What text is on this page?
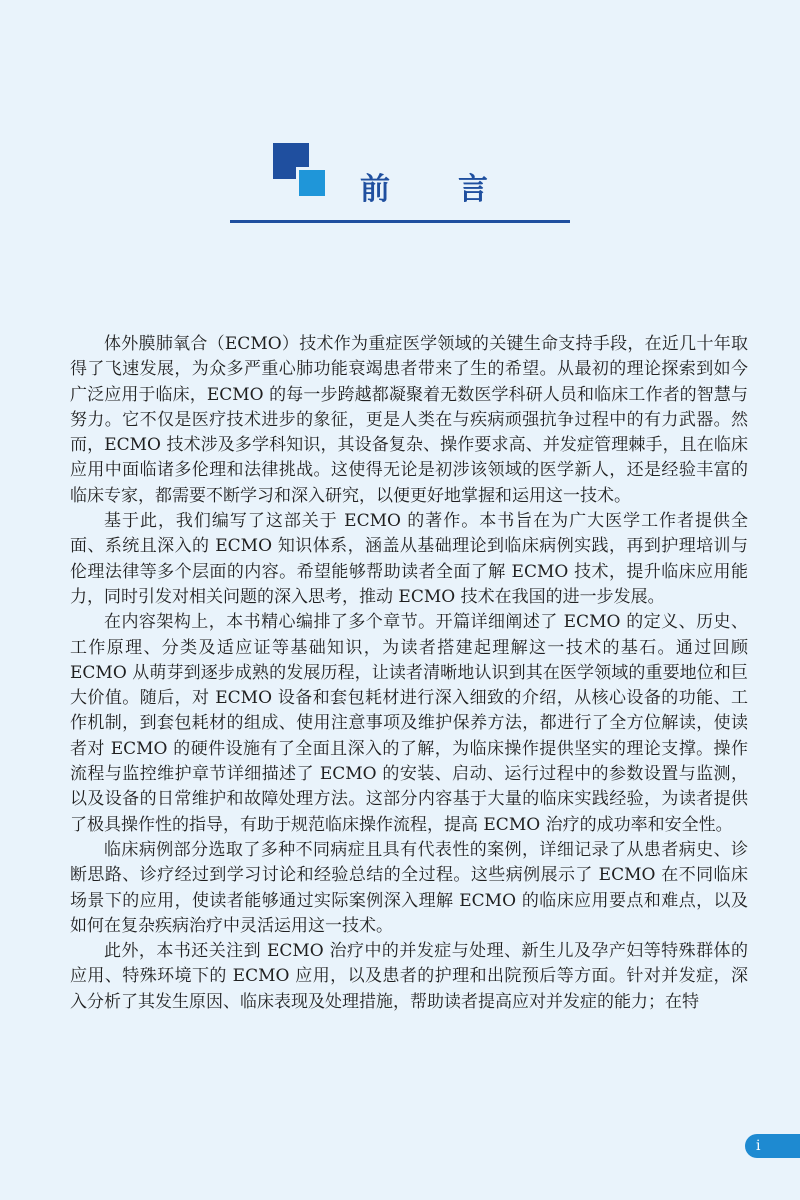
前言

体外膜肺氧合（ECMO）技术作为重症医学领域的关键生命支持手段，在近几十年取得了飞速发展，为众多严重心肺功能衰竭患者带来了生的希望。从最初的理论探索到如今广泛应用于临床，ECMO 的每一步跨越都凝聚着无数医学科研人员和临床工作者的智慧与努力。它不仅是医疗技术进步的象征，更是人类在与疾病顽强抗争过程中的有力武器。然而，ECMO 技术涉及多学科知识，其设备复杂、操作要求高、并发症管理棘手，且在临床应用中面临诸多伦理和法律挑战。这使得无论是初涉该领域的医学新人，还是经验丰富的临床专家，都需要不断学习和深入研究，以便更好地掌握和运用这一技术。

基于此，我们编写了这部关于 ECMO 的著作。本书旨在为广大医学工作者提供全面、系统且深入的 ECMO 知识体系，涵盖从基础理论到临床病例实践，再到护理培训与伦理法律等多个层面的内容。希望能够帮助读者全面了解 ECMO 技术，提升临床应用能力，同时引发对相关问题的深入思考，推动 ECMO 技术在我国的进一步发展。

在内容架构上，本书精心编排了多个章节。开篇详细阐述了 ECMO 的定义、历史、工作原理、分类及适应证等基础知识，为读者搭建起理解这一技术的基石。通过回顾 ECMO 从萌芽到逐步成熟的发展历程，让读者清晰地认识到其在医学领域的重要地位和巨大价值。随后，对 ECMO 设备和套包耗材进行深入细致的介绍，从核心设备的功能、工作机制，到套包耗材的组成、使用注意事项及维护保养方法，都进行了全方位解读，使读者对 ECMO 的硬件设施有了全面且深入的了解，为临床操作提供坚实的理论支撑。操作流程与监控维护章节详细描述了 ECMO 的安装、启动、运行过程中的参数设置与监测，以及设备的日常维护和故障处理方法。这部分内容基于大量的临床实践经验，为读者提供了极具操作性的指导，有助于规范临床操作流程，提高 ECMO 治疗的成功率和安全性。

临床病例部分选取了多种不同病症且具有代表性的案例，详细记录了从患者病史、诊断思路、诊疗经过到学习讨论和经验总结的全过程。这些病例展示了 ECMO 在不同临床场景下的应用，使读者能够通过实际案例深入理解 ECMO 的临床应用要点和难点，以及如何在复杂疾病治疗中灵活运用这一技术。

此外，本书还关注到 ECMO 治疗中的并发症与处理、新生儿及孕产妇等特殊群体的应用、特殊环境下的 ECMO 应用，以及患者的护理和出院预后等方面。针对并发症，深入分析了其发生原因、临床表现及处理措施，帮助读者提高应对并发症的能力；在特

i
